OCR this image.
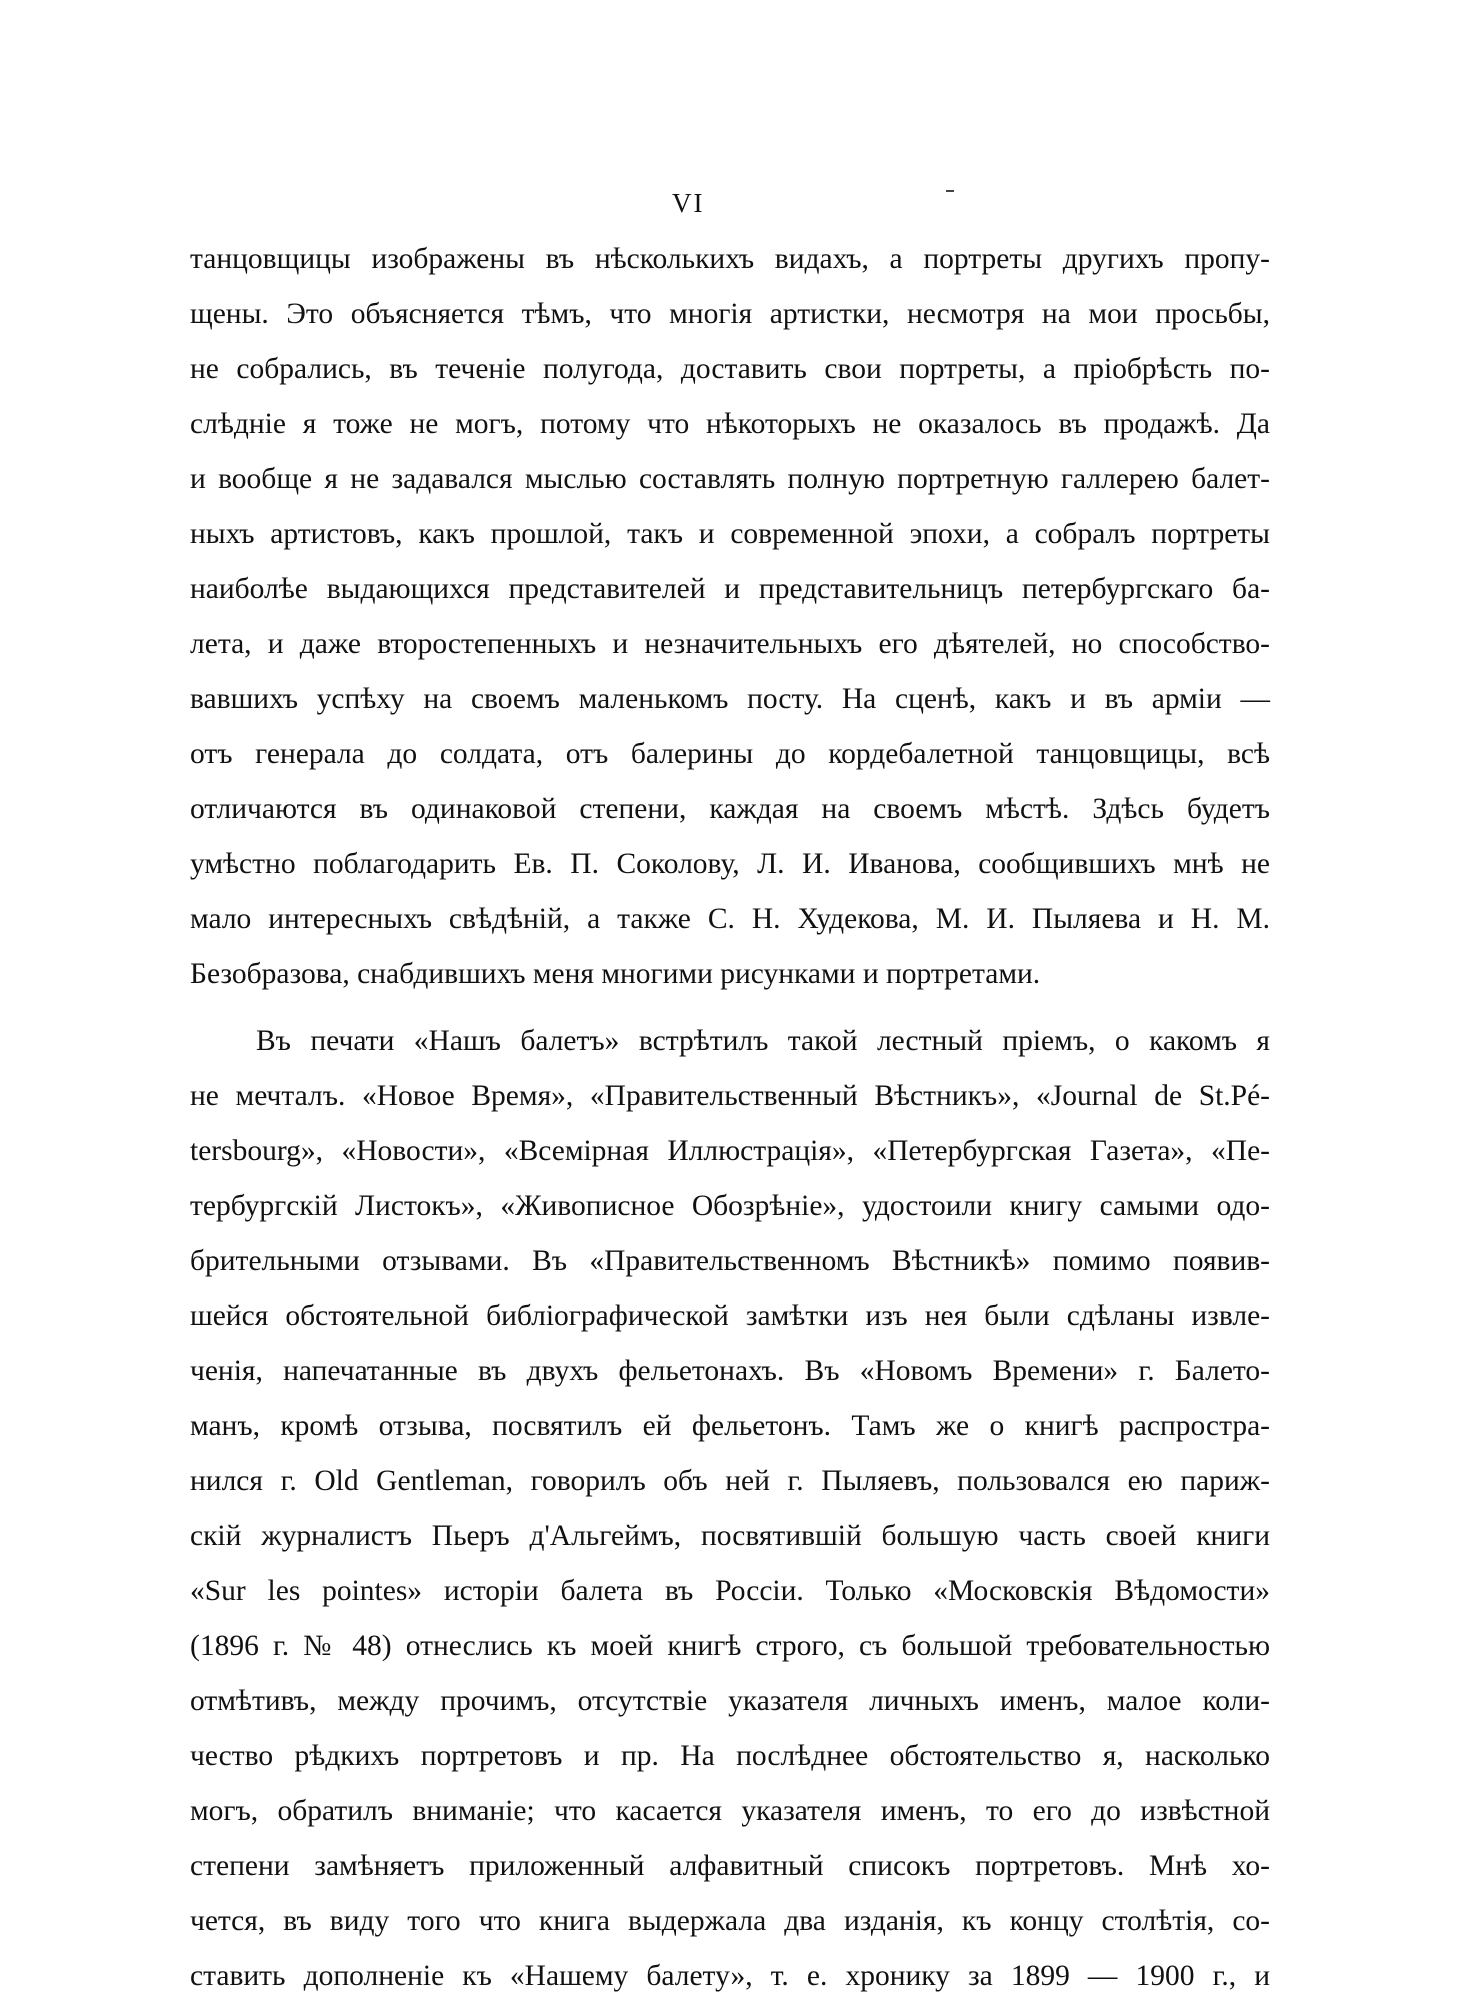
VI
танцовщицы изображены въ нѣсколькихъ видахъ, а портреты другихъ пропу-
щены. Это объясняется тѣмъ, что многія артистки, несмотря на мои просьбы,
не собрались, въ теченіе полугода, доставить свои портреты, а пріобрѣсть по-
слѣдніе я тоже не могъ, потому что нѣкоторыхъ не оказалось въ продажѣ. Да
и вообще я не задавался мыслью составлять полную портретную галлерею балет-
ныхъ артистовъ, какъ прошлой, такъ и современной эпохи, а собралъ портреты
наиболѣе выдающихся представителей и представительницъ петербургскаго ба-
лета, и даже второстепенныхъ и незначительныхъ его дѣятелей, но способство-
вавшихъ успѣху на своемъ маленькомъ посту. На сценѣ, какъ и въ арміи —
отъ генерала до солдата, отъ балерины до кордебалетной танцовщицы, всѣ
отличаются въ одинаковой степени, каждая на своемъ мѣстѣ. Здѣсь будетъ
умѣстно поблагодарить Ев. П. Соколову, Л. И. Иванова, сообщившихъ мнѣ не
мало интересныхъ свѣдѣній, а также С. Н. Худекова, М. И. Пыляева и Н. М.
Безобразова, снабдившихъ меня многими рисунками и портретами.
Въ печати «Нашъ балетъ» встрѣтилъ такой лестный пріемъ, о какомъ я
не мечталъ. «Новое Время», «Правительственный Вѣстникъ», «Journal de St.Pé-
tersbourg», «Новости», «Всемірная Иллюстрація», «Петербургская Газета», «Пе-
тербургскій Листокъ», «Живописное Обозрѣніе», удостоили книгу самыми одо-
брительными отзывами. Въ «Правительственномъ Вѣстникѣ» помимо появив-
шейся обстоятельной библіографической замѣтки изъ нея были сдѣланы извле-
ченія, напечатанные въ двухъ фельетонахъ. Въ «Новомъ Времени» г. Балето-
манъ, кромѣ отзыва, посвятилъ ей фельетонъ. Тамъ же о книгѣ распростра-
нился г. Old Gentleman, говорилъ объ ней г. Пыляевъ, пользовался ею париж-
скій журналистъ Пьеръ д'Альгеймъ, посвятившій большую часть своей книги
«Sur les pointes» исторіи балета въ Россіи. Только «Московскія Вѣдомости»
(1896 г. № 48) отнеслись къ моей книгѣ строго, съ большой требовательностью
отмѣтивъ, между прочимъ, отсутствіе указателя личныхъ именъ, малое коли-
чество рѣдкихъ портретовъ и пр. На послѣднее обстоятельство я, насколько
могъ, обратилъ вниманіе; что касается указателя именъ, то его до извѣстной
степени замѣняетъ приложенный алфавитный списокъ портретовъ. Мнѣ хо-
чется, въ виду того что книга выдержала два изданія, къ концу столѣтія, со-
ставить дополненіе къ «Нашему балету», т. е. хронику за 1899 — 1900 г., и
